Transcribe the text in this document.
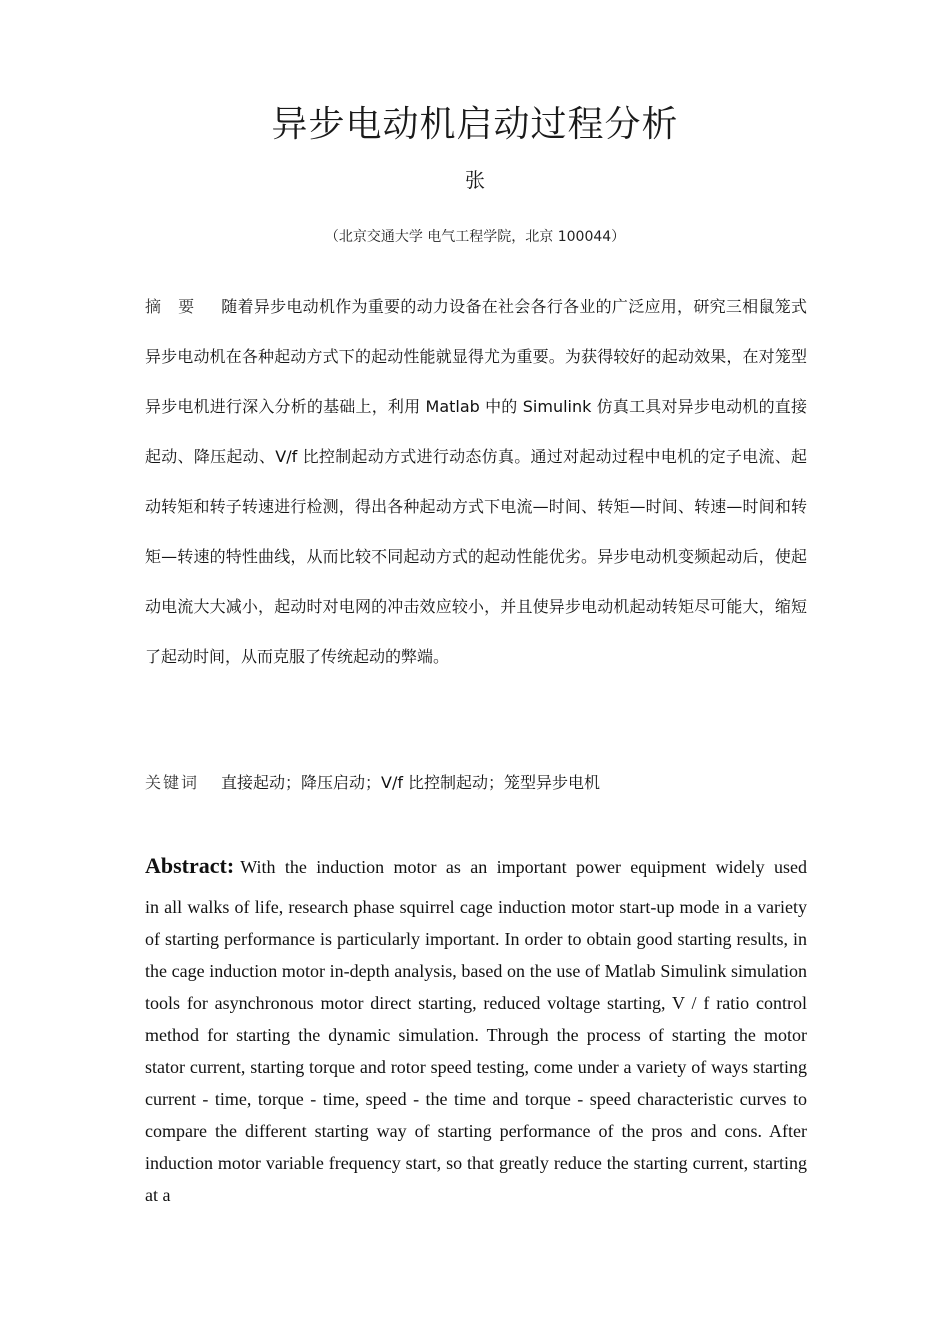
异步电动机启动过程分析
张
（北京交通大学 电气工程学院，北京 100044）
摘 要 随着异步电动机作为重要的动力设备在社会各行各业的广泛应用，研究三相鼠笼式异步电动机在各种起动方式下的起动性能就显得尤为重要。为获得较好的起动效果，在对笼型异步电机进行深入分析的基础上，利用 Matlab 中的 Simulink 仿真工具对异步电动机的直接起动、降压起动、V/f 比控制起动方式进行动态仿真。通过对起动过程中电机的定子电流、起动转矩和转子转速进行检测，得出各种起动方式下电流—时间、转矩—时间、转速—时间和转矩—转速的特性曲线，从而比较不同起动方式的起动性能优劣。异步电动机变频起动后，使起动电流大大减小，起动时对电网的冲击效应较小，并且使异步电动机起动转矩尽可能大，缩短了起动时间，从而克服了传统起动的弊端。
关键词 直接起动；降压启动；V/f 比控制起动；笼型异步电机
Abstract: With the induction motor as an important power equipment widely used
in all walks of life, research phase squirrel cage induction motor start-up mode in a variety of starting performance is particularly important. In order to obtain good starting results, in the cage induction motor in-depth analysis, based on the use of Matlab Simulink simulation tools for asynchronous motor direct starting, reduced voltage starting, V / f ratio control method for starting the dynamic simulation. Through the process of starting the motor stator current, starting torque and rotor speed testing, come under a variety of ways starting current - time, torque - time, speed - the time and torque - speed characteristic curves to compare the different starting way of starting performance of the pros and cons. After induction motor variable frequency start, so that greatly reduce the starting current, starting at a
